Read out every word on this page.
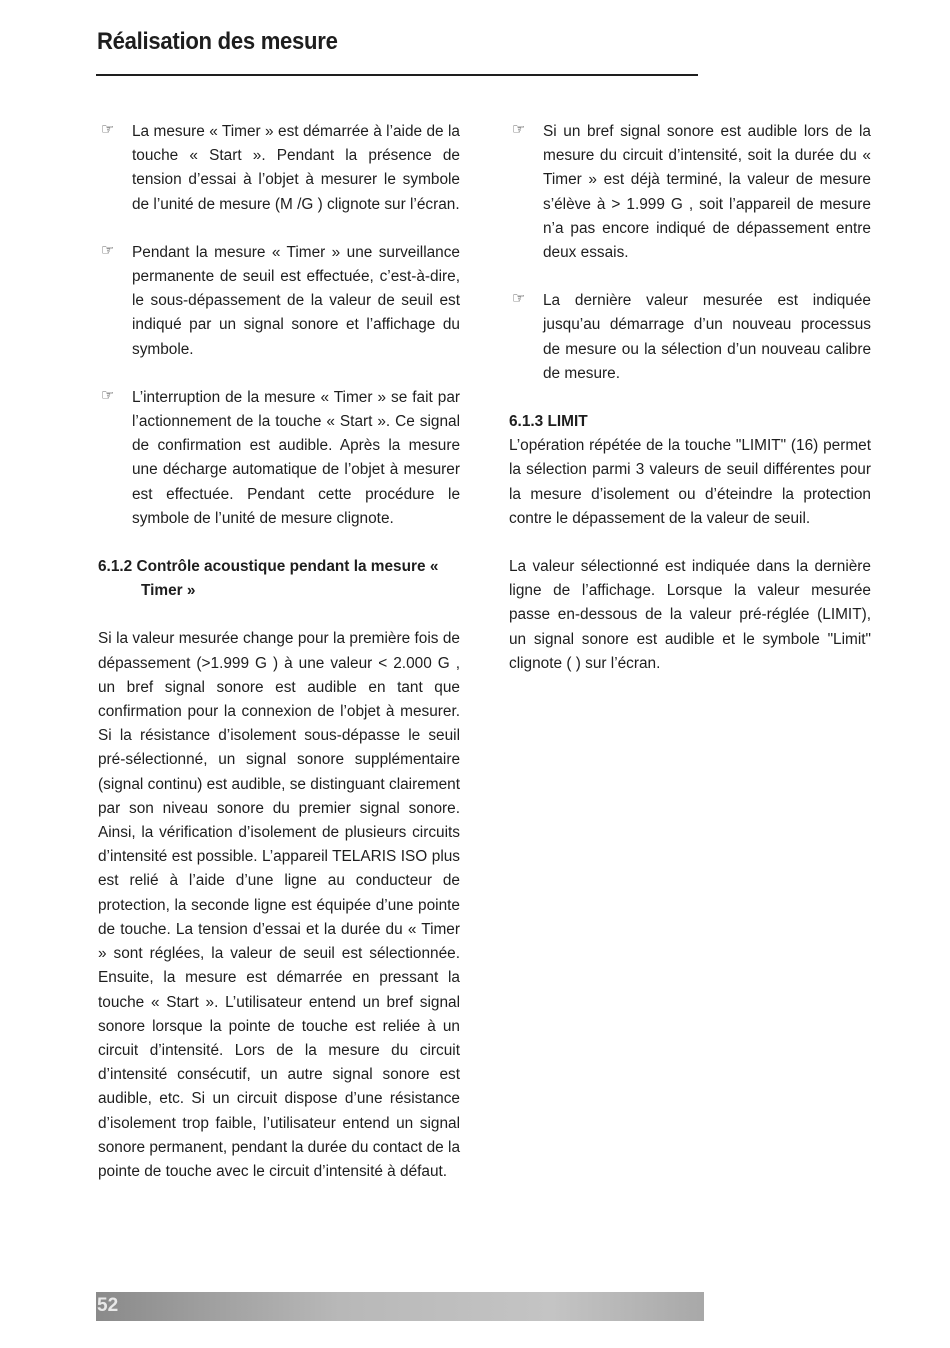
Réalisation des mesure
☞ La mesure « Timer » est démarrée à l’aide de la touche « Start ». Pendant la présence de tension d’essai à l’objet à mesurer le symbole de l’unité de mesure (M /G ) clignote sur l’écran.

☞ Pendant la mesure « Timer » une surveillance permanente de seuil est effectuée, c’est-à-dire, le sous-dépassement de la valeur de seuil est indiqué par un signal sonore et l’affichage du symbole.

☞ L’interruption de la mesure « Timer » se fait par l’actionnement de la touche « Start ». Ce signal de confirmation est audible. Après la mesure une décharge automatique de l’objet à mesurer est effectuée. Pendant cette procédure le symbole de l’unité de mesure clignote.

6.1.2 Contrôle acoustique pendant la mesure «
Timer »

Si la valeur mesurée change pour la première fois de dépassement (>1.999 G ) à une valeur < 2.000 G , un bref signal sonore est audible en tant que confirmation pour la connexion de l’objet à mesurer. Si la résistance d’isolement sous-dépasse le seuil pré-sélectionné, un signal sonore supplémentaire (signal continu) est audible, se distinguant clairement par son niveau sonore du premier signal sonore. Ainsi, la vérification d’isolement de plusieurs circuits d’intensité est possible. L’appareil TELARIS ISO plus est relié à l’aide d’une ligne au conducteur de protection, la seconde ligne est équipée d’une pointe de touche. La tension d’essai et la durée du « Timer » sont réglées, la valeur de seuil est sélectionnée. Ensuite, la mesure est démarrée en pressant la touche « Start ». L’utilisateur entend un bref signal sonore lorsque la pointe de touche est reliée à un circuit d’intensité. Lors de la mesure du circuit d’intensité consécutif, un autre signal sonore est audible, etc. Si un circuit dispose d’une résistance d’isolement trop faible, l’utilisateur entend un signal sonore permanent, pendant la durée du contact de la pointe de touche avec le circuit d’intensité à défaut.

☞ Si un bref signal sonore est audible lors de la mesure du circuit d’intensité, soit la durée du « Timer » est déjà terminé, la valeur de mesure s’élève à > 1.999 G , soit l’appareil de mesure n’a pas encore indiqué de dépassement entre deux essais.

☞ La dernière valeur mesurée est indiquée jusqu’au démarrage d’un nouveau processus de mesure ou la sélection d’un nouveau calibre de mesure.

6.1.3 LIMIT

L’opération répétée de la touche "LIMIT" (16) permet la sélection parmi 3 valeurs de seuil différentes pour la mesure d’isolement ou d’éteindre la protection contre le dépassement de la valeur de seuil.

La valeur sélectionné est indiquée dans la dernière ligne de l’affichage. Lorsque la valeur mesurée passe en-dessous de la valeur pré-réglée (LIMIT), un signal sonore est audible et le symbole "Limit" clignote ( ) sur l’écran.

52
